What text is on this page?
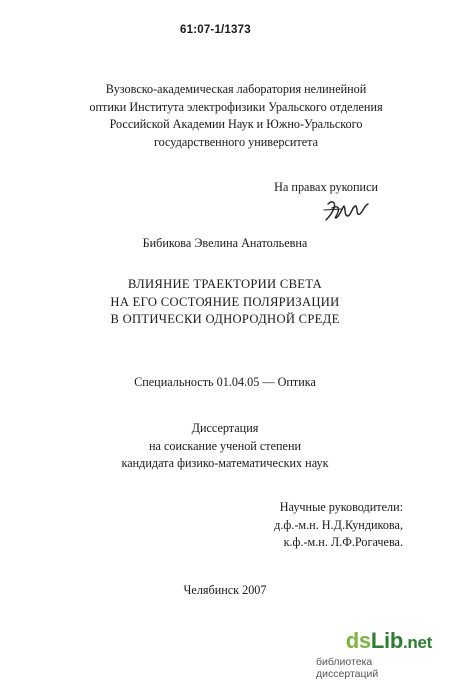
61:07-1/1373
Вузовско-академическая лаборатория нелинейной
оптики Института электрофизики Уральского отделения
Российской Академии Наук и Южно-Уральского
государственного университета
На правах рукописи
Бибикова Эвелина Анатольевна
ВЛИЯНИЕ ТРАЕКТОРИИ СВЕТА
НА ЕГО СОСТОЯНИЕ ПОЛЯРИЗАЦИИ
В ОПТИЧЕСКИ ОДНОРОДНОЙ СРЕДЕ
Специальность 01.04.05 — Оптика
Диссертация
на соискание ученой степени
кандидата физико-математических наук
Научные руководители:
д.ф.-м.н. Н.Д.Кундикова,
к.ф.-м.н. Л.Ф.Рогачева.
Челябинск 2007
dsLib.net
библиотека диссертаций
